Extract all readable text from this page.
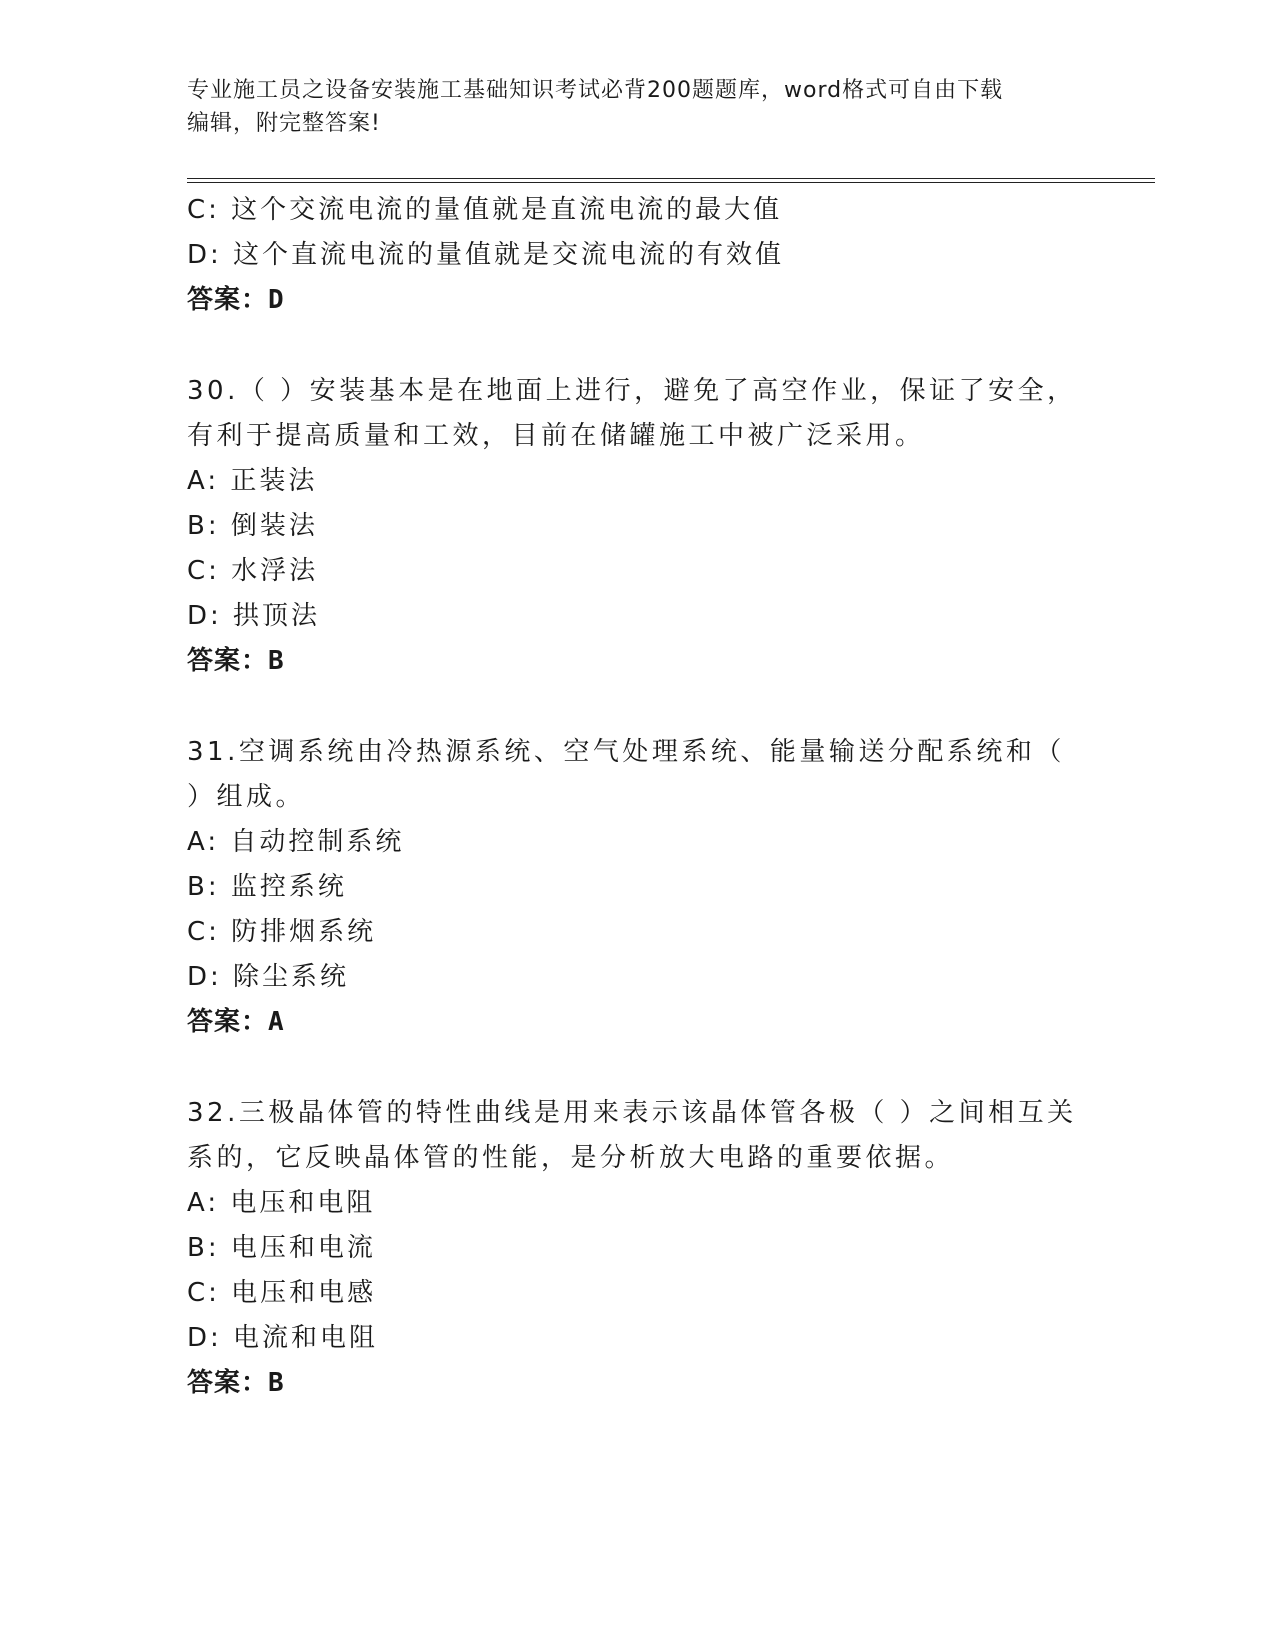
专业施工员之设备安装施工基础知识考试必背200题题库，word格式可自由下载
编辑，附完整答案!
C: 这个交流电流的量值就是直流电流的最大值
D: 这个直流电流的量值就是交流电流的有效值
答案：D
30.（ ）安装基本是在地面上进行，避免了高空作业，保证了安全，
有利于提高质量和工效，目前在储罐施工中被广泛采用。
A: 正装法
B: 倒装法
C: 水浮法
D: 拱顶法
答案：B
31.空调系统由冷热源系统、空气处理系统、能量输送分配系统和（
）组成。
A: 自动控制系统
B: 监控系统
C: 防排烟系统
D: 除尘系统
答案：A
32.三极晶体管的特性曲线是用来表示该晶体管各极（ ）之间相互关
系的，它反映晶体管的性能，是分析放大电路的重要依据。
A: 电压和电阻
B: 电压和电流
C: 电压和电感
D: 电流和电阻
答案：B
